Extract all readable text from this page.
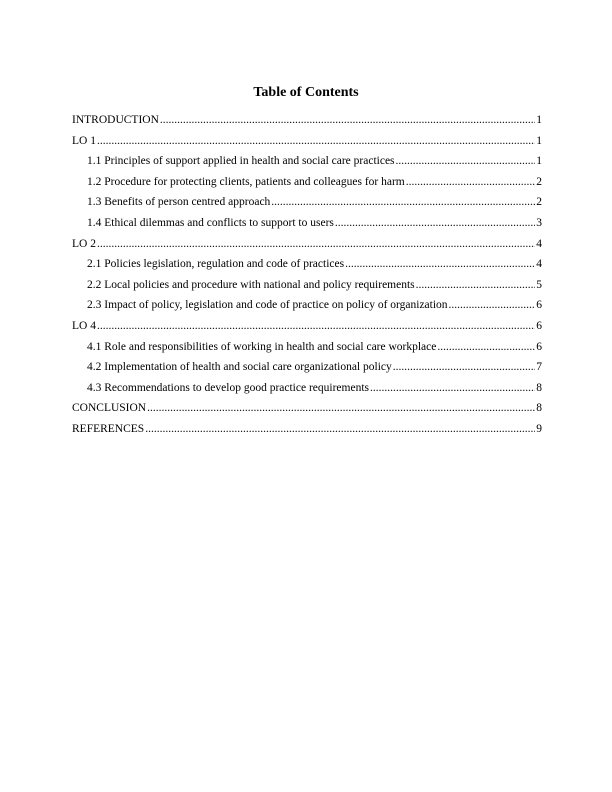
Table of Contents
INTRODUCTION .....	1
LO 1 .....	1
1.1 Principles of support applied in health and social care practices .....	1
1.2 Procedure for protecting clients, patients and colleagues for harm .....	2
1.3 Benefits of person centred approach .....	2
1.4 Ethical dilemmas and conflicts to support to users .....	3
LO 2 .....	4
2.1 Policies legislation, regulation and code of practices .....	4
2.2 Local policies and procedure with national and policy requirements .....	5
2.3 Impact of policy, legislation and code of practice on policy of organization .....	6
LO 4 .....	6
4.1 Role and responsibilities of working in health and social care workplace .....	6
4.2 Implementation of health and social care organizational policy .....	7
4.3 Recommendations to develop good practice requirements .....	8
CONCLUSION .....	8
REFERENCES .....	9
